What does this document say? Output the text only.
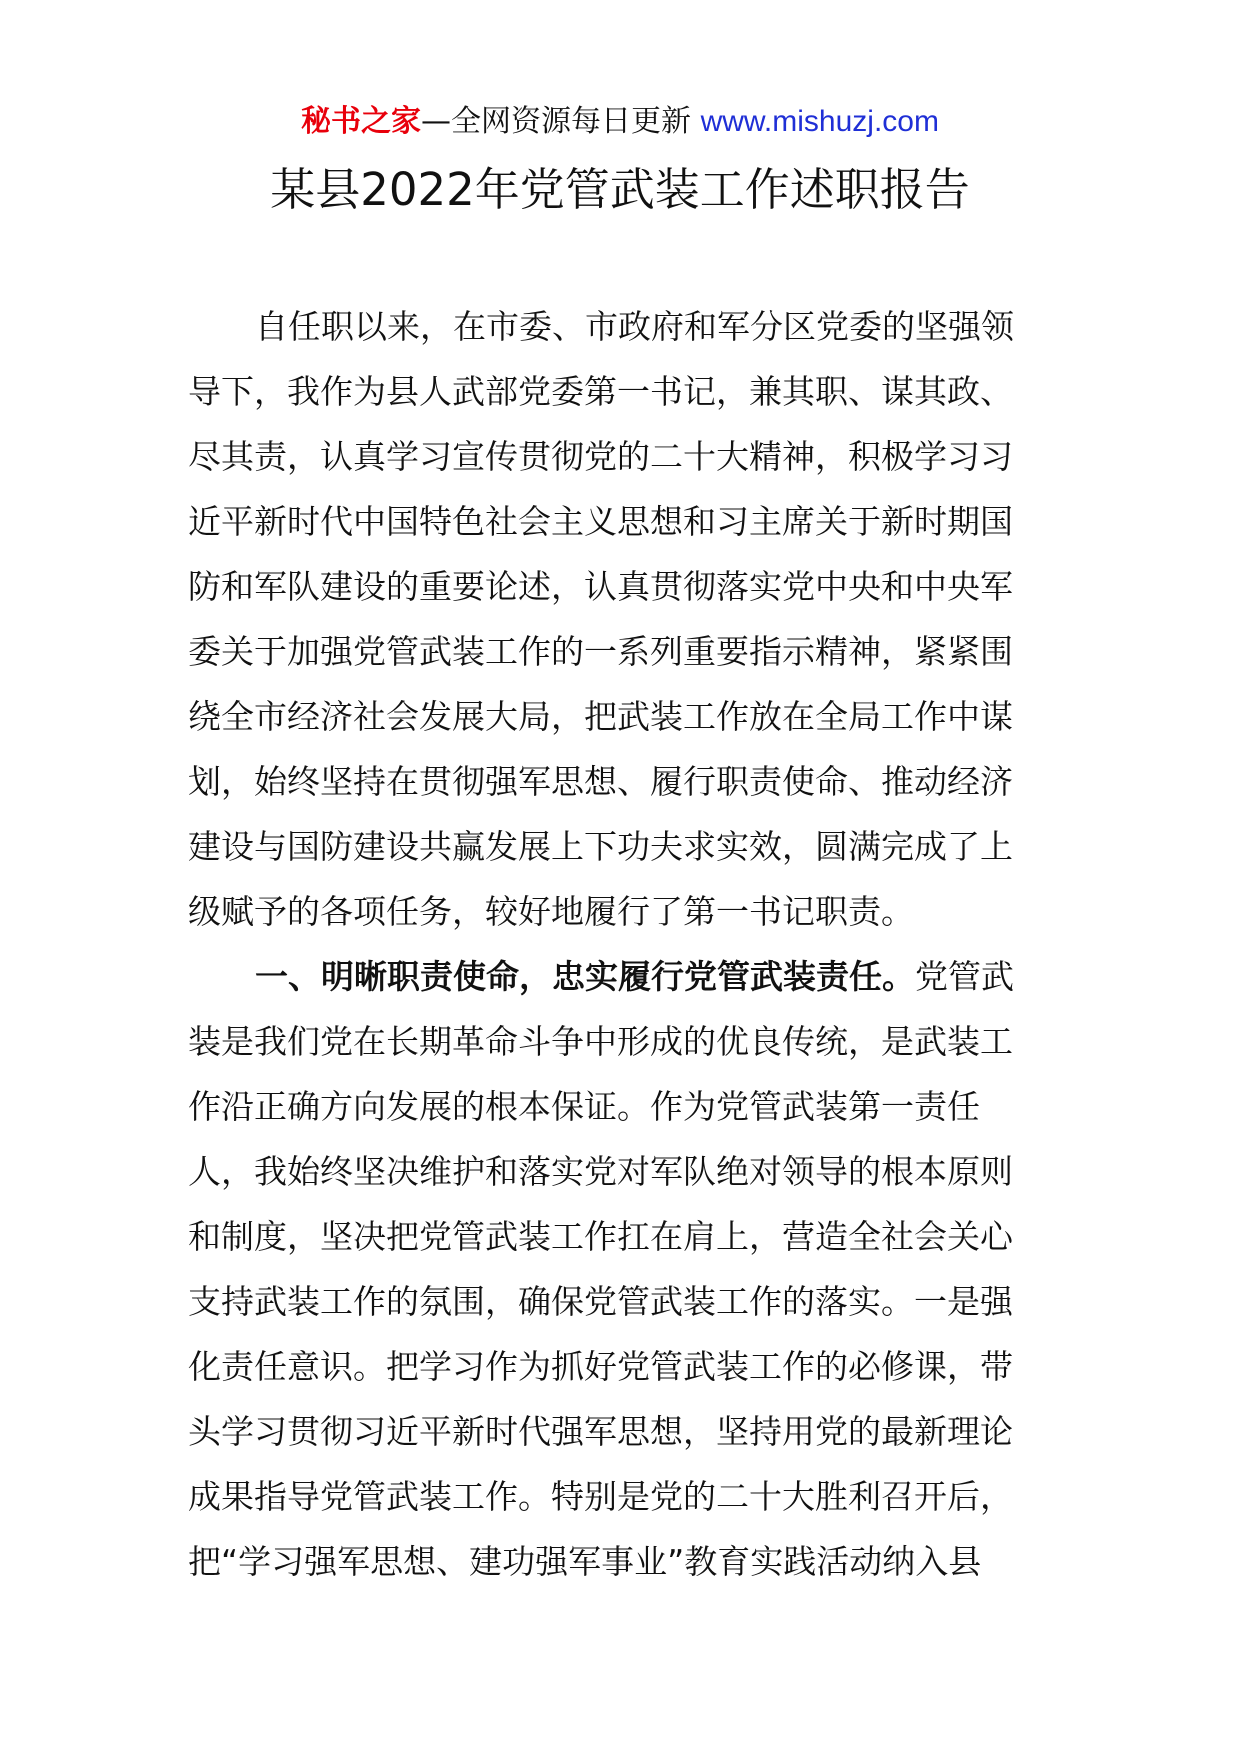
秘书之家—全网资源每日更新 www.mishuzj.com
某县2022年党管武装工作述职报告
自任职以来，在市委、市政府和军分区党委的坚强领
导下，我作为县人武部党委第一书记，兼其职、谋其政、
尽其责，认真学习宣传贯彻党的二十大精神，积极学习习
近平新时代中国特色社会主义思想和习主席关于新时期国
防和军队建设的重要论述，认真贯彻落实党中央和中央军
委关于加强党管武装工作的一系列重要指示精神，紧紧围
绕全市经济社会发展大局，把武装工作放在全局工作中谋
划，始终坚持在贯彻强军思想、履行职责使命、推动经济
建设与国防建设共赢发展上下功夫求实效，圆满完成了上
级赋予的各项任务，较好地履行了第一书记职责。
一、明晰职责使命，忠实履行党管武装责任。党管武
装是我们党在长期革命斗争中形成的优良传统，是武装工
作沿正确方向发展的根本保证。作为党管武装第一责任
人，我始终坚决维护和落实党对军队绝对领导的根本原则
和制度，坚决把党管武装工作扛在肩上，营造全社会关心
支持武装工作的氛围，确保党管武装工作的落实。一是强
化责任意识。把学习作为抓好党管武装工作的必修课，带
头学习贯彻习近平新时代强军思想，坚持用党的最新理论
成果指导党管武装工作。特别是党的二十大胜利召开后，
把“学习强军思想、建功强军事业”教育实践活动纳入县
